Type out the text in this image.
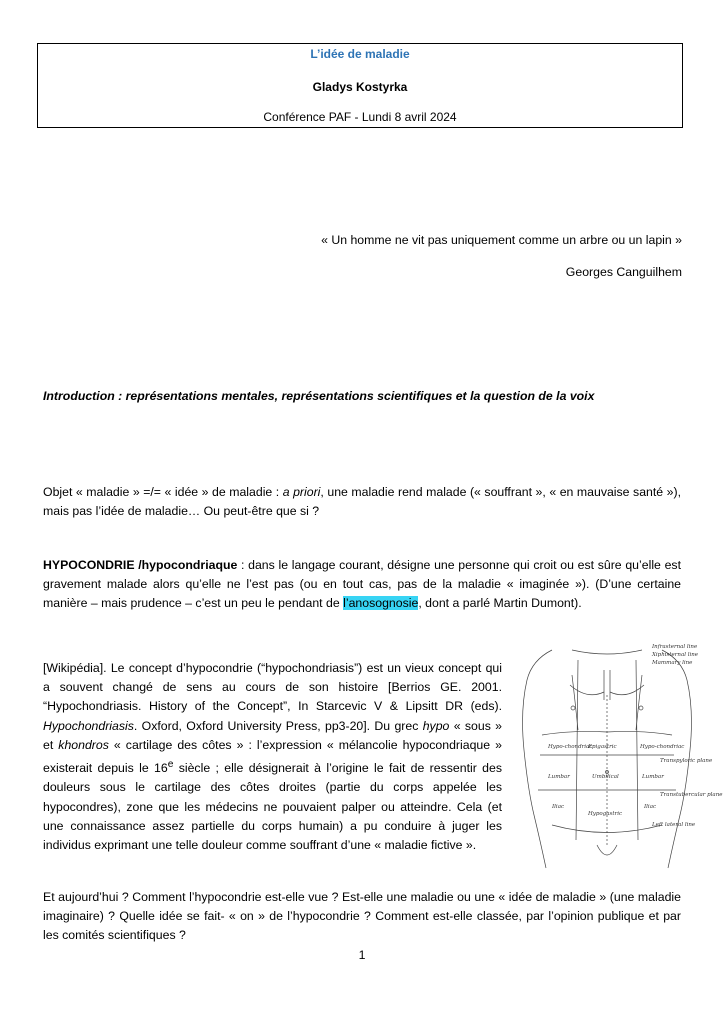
L’idée de maladie
Gladys Kostyrka
Conférence PAF - Lundi 8 avril 2024
« Un homme ne vit pas uniquement comme un arbre ou un lapin »
Georges Canguilhem
Introduction : représentations mentales, représentations scientifiques et la question de la voix
Objet « maladie » =/= « idée » de maladie : a priori, une maladie rend malade (« souffrant », « en mauvaise santé »), mais pas l’idée de maladie… Ou peut-être que si ?
HYPOCONDRIE /hypocondriaque : dans le langage courant, désigne une personne qui croit ou est sûre qu’elle est gravement malade alors qu’elle ne l’est pas (ou en tout cas, pas de la maladie « imaginée »). (D’une certaine manière – mais prudence – c’est un peu le pendant de l’anosognosie, dont a parlé Martin Dumont).
[Wikipédia]. Le concept d’hypocondrie (“hypochondriasis”) est un vieux concept qui a souvent changé de sens au cours de son histoire [Berrios GE. 2001. “Hypochondriasis. History of the Concept”, In Starcevic V & Lipsitt DR (eds). Hypochondriasis. Oxford, Oxford University Press, pp3-20]. Du grec hypo « sous » et khondros « cartilage des côtes » : l’expression « mélancolie hypocondriaque » existerait depuis le 16e siècle ; elle désignerait à l’origine le fait de ressentir des douleurs sous le cartilage des côtes droites (partie du corps appelée les hypocondres), zone que les médecins ne pouvaient palper ou atteindre. Cela (et une connaissance assez partielle du corps humain) a pu conduire à juger les individus exprimant une telle douleur comme souffrant d’une « maladie fictive ».
Hypo-chondriac
Epigastric	Hypo-chondriac
Lumbar	Umbilical	Lumbar
Iliac
Hypogastric
Iliac
Transpyloric plane
Transtubercular plane
Infrasternal line
Xiphisternal line
Mammary line
Left lateral line
Et aujourd’hui ? Comment l’hypocondrie est-elle vue ? Est-elle une maladie ou une « idée de maladie » (une maladie imaginaire) ? Quelle idée se fait- « on » de l’hypocondrie ? Comment est-elle classée, par l’opinion publique et par les comités scientifiques ?
1
